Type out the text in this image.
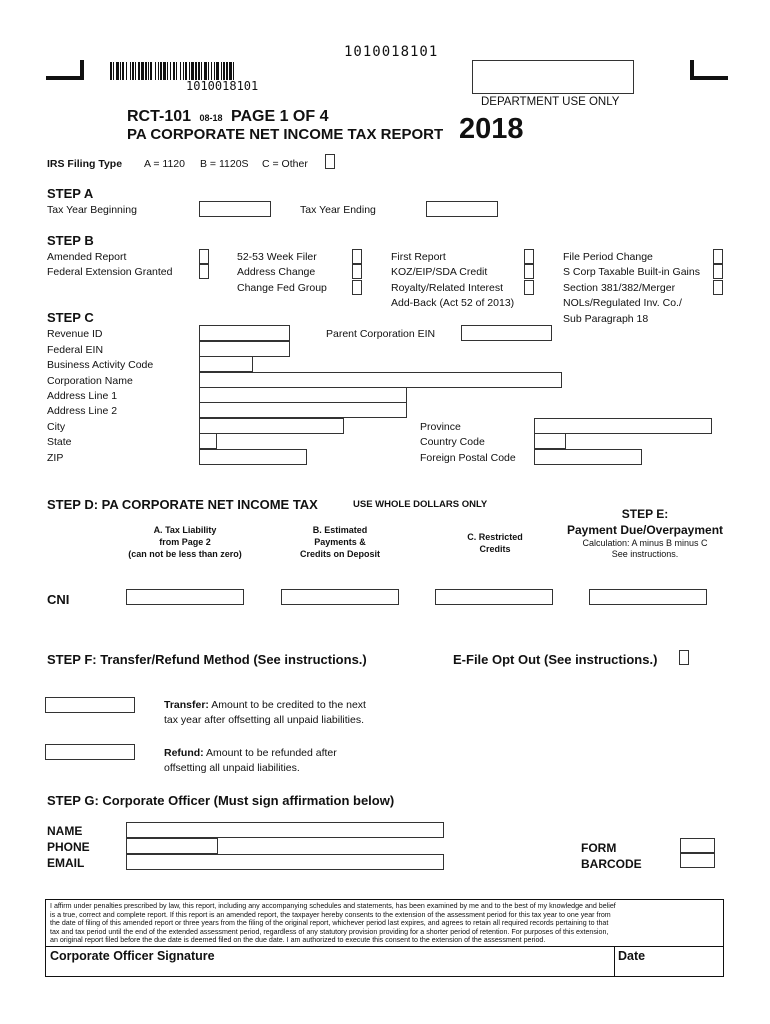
1010018101
1010018101
DEPARTMENT USE ONLY
RCT-101 08-18 PAGE 1 OF 4
PA CORPORATE NET INCOME TAX REPORT 2018
IRS Filing Type A = 1120 B = 1120S C = Other
STEP A
Tax Year Beginning	Tax Year Ending
STEP B
Amended Report
Federal Extension Granted
52-53 Week Filer
Address Change
Change Fed Group
First Report
KOZ/EIP/SDA Credit
Royalty/Related Interest
Add-Back (Act 52 of 2013)
File Period Change
S Corp Taxable Built-in Gains
Section 381/382/Merger
NOLs/Regulated Inv. Co./
Sub Paragraph 18
STEP C
Revenue ID	Parent Corporation EIN
Federal EIN
Business Activity Code
Corporation Name
Address Line 1
Address Line 2
City
State
ZIP
Province
Country Code
Foreign Postal Code
STEP D: PA CORPORATE NET INCOME TAX	USE WHOLE DOLLARS ONLY
A. Tax Liability
from Page 2
(can not be less than zero)
B. Estimated
Payments &
Credits on Deposit
C. Restricted
Credits
STEP E:
Payment Due/Overpayment
Calculation: A minus B minus C
See instructions.
CNI
STEP F: Transfer/Refund Method (See instructions.)	E-File Opt Out (See instructions.)
Transfer: Amount to be credited to the next
tax year after offsetting all unpaid liabilities.
Refund: Amount to be refunded after
offsetting all unpaid liabilities.
STEP G: Corporate Officer (Must sign affirmation below)
NAME
PHONE
EMAIL
FORM
BARCODE
I affirm under penalties prescribed by law, this report, including any accompanying schedules and statements, has been examined by me and to the best of my knowledge and belief
is a true, correct and complete report. If this report is an amended report, the taxpayer hereby consents to the extension of the assessment period for this tax year to one year from
the date of filing of this amended report or three years from the filing of the original report, whichever period last expires, and agrees to retain all required records pertaining to that
tax and tax period until the end of the extended assessment period, regardless of any statutory provision providing for a shorter period of retention. For purposes of this extension,
an original report filed before the due date is deemed filed on the due date. I am authorized to execute this consent to the extension of the assessment period.
Corporate Officer Signature	Date
